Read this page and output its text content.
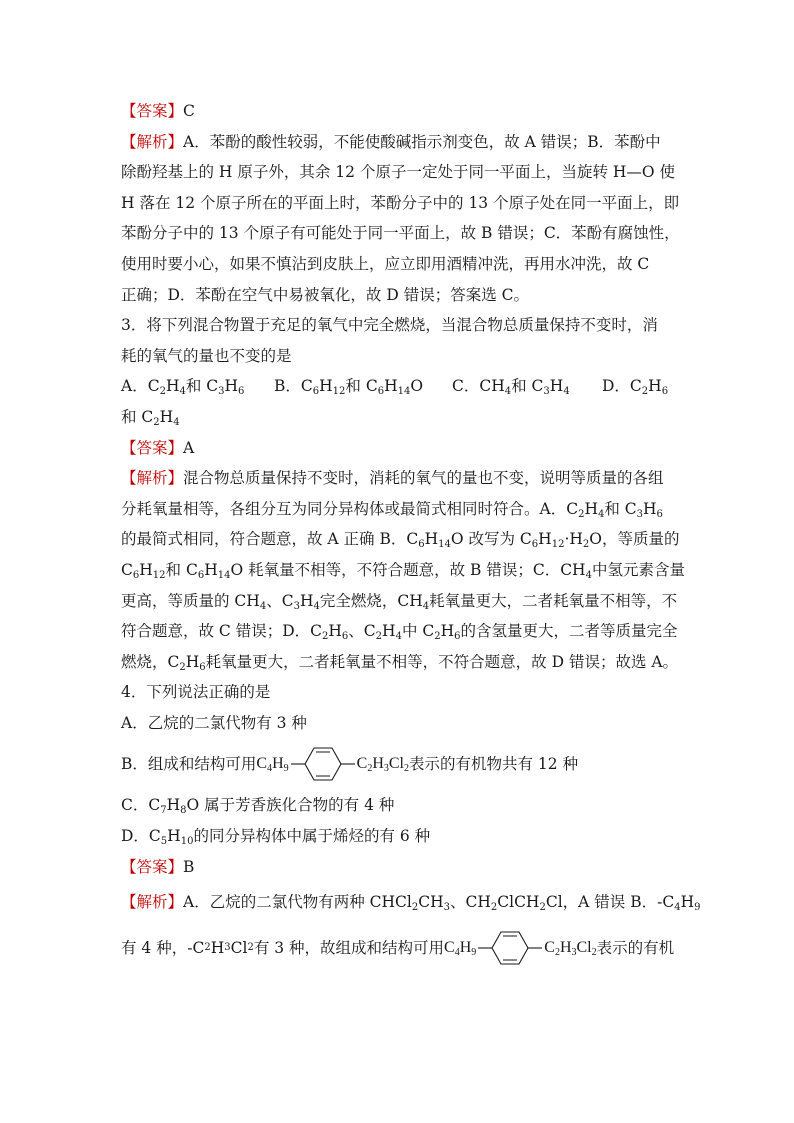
【答案】C
【解析】A．苯酚的酸性较弱，不能使酸碱指示剂变色，故 A 错误；B．苯酚中
除酚羟基上的 H 原子外，其余 12 个原子一定处于同一平面上，当旋转 H—O 使
H 落在 12 个原子所在的平面上时，苯酚分子中的 13 个原子处在同一平面上，即
苯酚分子中的 13 个原子有可能处于同一平面上，故 B 错误；C．苯酚有腐蚀性，
使用时要小心，如果不慎沾到皮肤上，应立即用酒精冲洗，再用水冲洗，故 C
正确；D．苯酚在空气中易被氧化，故 D 错误；答案选 C。
3．将下列混合物置于充足的氧气中完全燃烧，当混合物总质量保持不变时，消
耗的氧气的量也不变的是
A．$C_2H_4$和 $C_3H_6$	B．$C_6H_{12}$和 $C_6H_{14}O$	C．$CH_4$和 $C_3H_4$	D．$C_2H_6$
和 $C_2H_4$
【答案】A
【解析】混合物总质量保持不变时，消耗的氧气的量也不变，说明等质量的各组
分耗氧量相等，各组分互为同分异构体或最简式相同时符合。A．$C_2H_4$和 $C_3H_6$
的最简式相同，符合题意，故 A 正确 B．$C_6H_{14}O$ 改写为 $C_6H_{12}\cdot H_2O$，等质量的
$C_6H_{12}$和 $C_6H_{14}O$ 耗氧量不相等，不符合题意，故 B 错误；C．$CH_4$中氢元素含量
更高，等质量的 $CH_4$、$C_3H_4$完全燃烧，$CH_4$耗氧量更大，二者耗氧量不相等，不
符合题意，故 C 错误；D．$C_2H_6$、$C_2H_4$中 $C_2H_6$的含氢量更大，二者等质量完全
燃烧，$C_2H_6$耗氧量更大，二者耗氧量不相等，不符合题意，故 D 错误；故选 A。
4．下列说法正确的是
A．乙烷的二氯代物有 3 种
B．组成和结构可用 $C_4H_9$	$C_2H_3Cl_2$ 表示的有机物共有 12 种
C．$C_7H_8O$ 属于芳香族化合物的有 4 种
D．$C_5H_{10}$的同分异构体中属于烯烃的有 6 种
【答案】B
【解析】A．乙烷的二氯代物有两种 $CHCl_2CH_3$、$CH_2ClCH_2Cl$，A 错误 B．$-C_4H_9$
有 4 种，-C 2 H 3 Cl 2 有 3 种，故组成和结构可用 $C_4H_9$	$C_2H_3Cl_2$ 表示的有机
